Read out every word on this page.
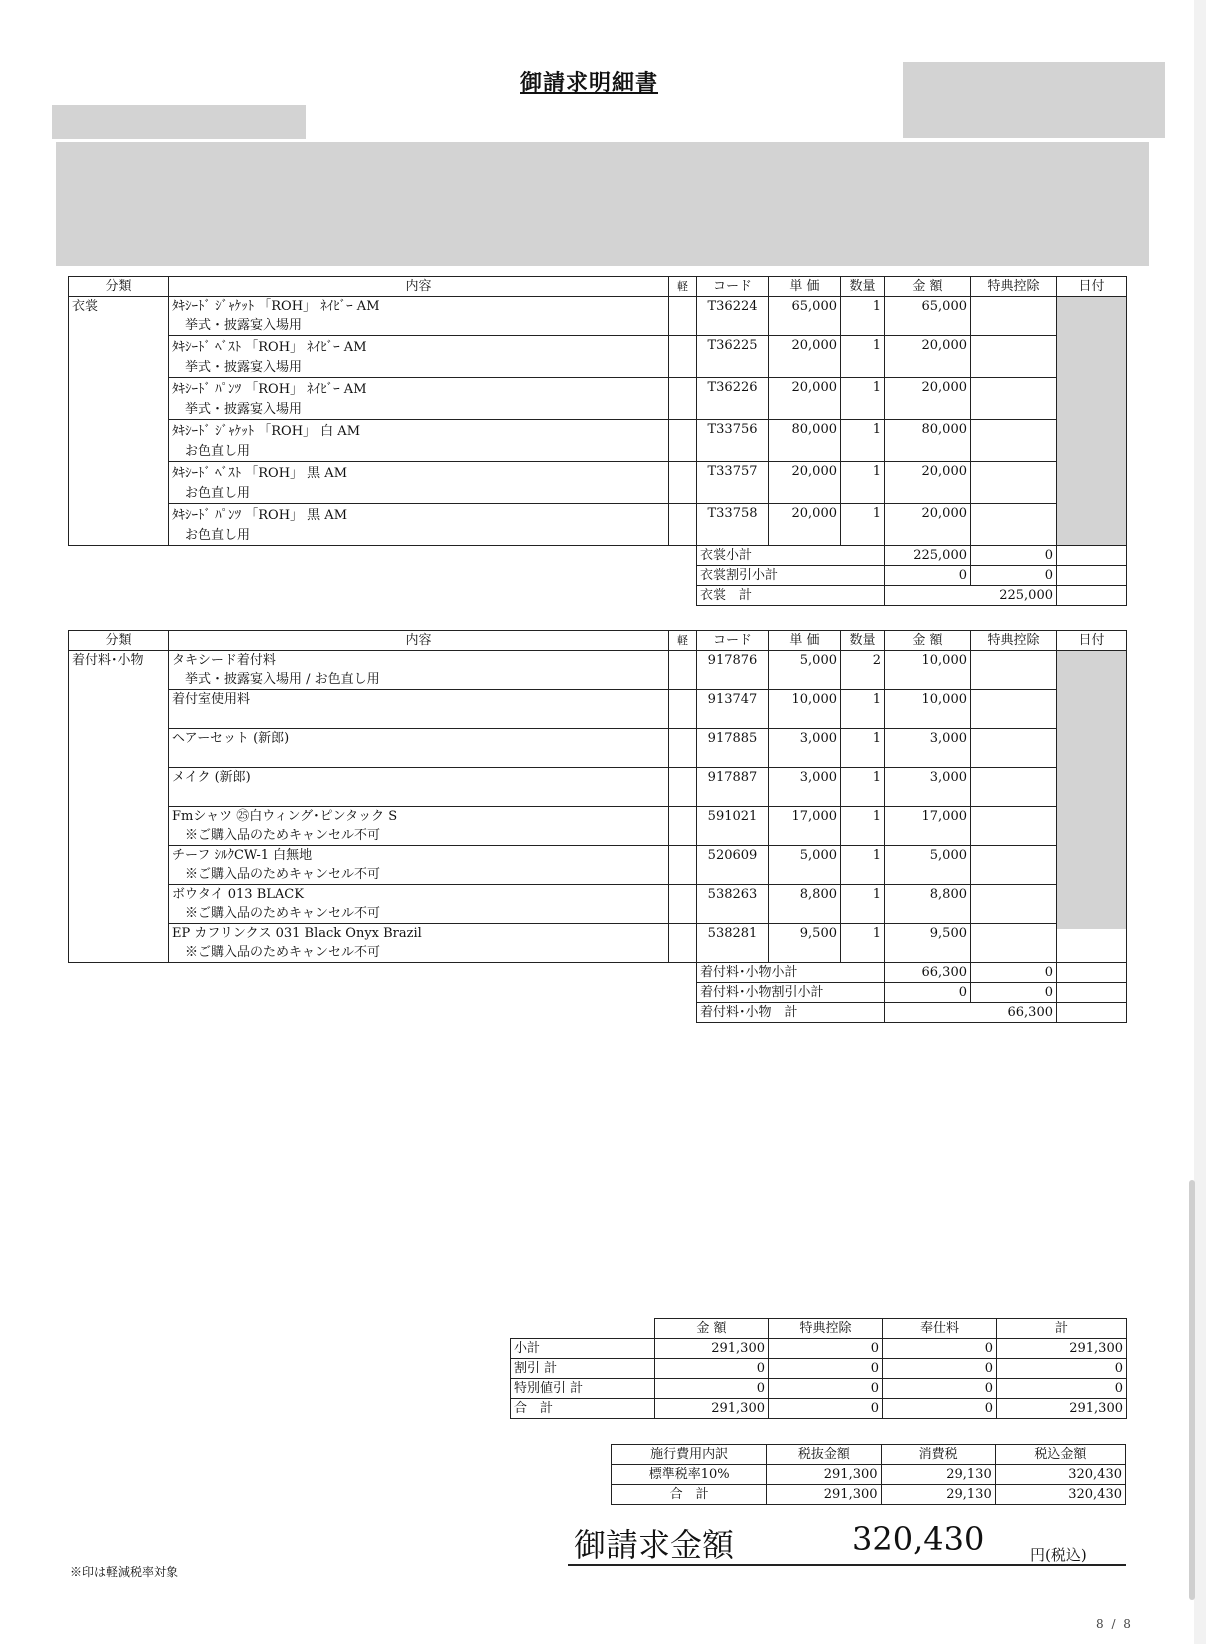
御請求明細書
分類	内容	軽	コード	単 価	数量	金 額	特典控除	日付
衣裳	ﾀｷｼｰﾄﾞ ｼﾞｬｹｯﾄ 「ROH」 ﾈｲﾋﾞｰ AM		T36224	65,000	1	65,000		

	挙式・披露宴入場用							
	ﾀｷｼｰﾄﾞ ﾍﾞｽﾄ 「ROH」 ﾈｲﾋﾞｰ AM		T36225	20,000	1	20,000		
	挙式・披露宴入場用							
	ﾀｷｼｰﾄﾞ ﾊﾟﾝﾂ 「ROH」 ﾈｲﾋﾞｰ AM		T36226	20,000	1	20,000		
	挙式・披露宴入場用							
	ﾀｷｼｰﾄﾞ ｼﾞｬｹｯﾄ 「ROH」 白 AM		T33756	80,000	1	80,000		
	お色直し用							
	ﾀｷｼｰﾄﾞ ﾍﾞｽﾄ 「ROH」 黒 AM		T33757	20,000	1	20,000		
	お色直し用							
	ﾀｷｼｰﾄﾞ ﾊﾟﾝﾂ 「ROH」 黒 AM		T33758	20,000	1	20,000		
	お色直し用							
			衣裳小計			225,000	0	
			衣裳割引小計			0	0	
			衣裳　計			225,000		
分類	内容	軽	コード	単 価	数量	金 額	特典控除	日付
着付料･小物	タキシード着付料		917876	5,000	2	10,000		

	挙式・披露宴入場用 / お色直し用							
	着付室使用料		913747	10,000	1	10,000		

	ヘアーセット (新郎)		917885	3,000	1	3,000		

	メイク (新郎)		917887	3,000	1	3,000		

	Fmシャツ ㉕白ウィング･ピンタック S		591021	17,000	1	17,000		
	※ご購入品のためキャンセル不可							
	チーフ ｼﾙｸCW-1 白無地		520609	5,000	1	5,000		
	※ご購入品のためキャンセル不可							
	ボウタイ 013 BLACK		538263	8,800	1	8,800		
	※ご購入品のためキャンセル不可							
	EP カフリンクス 031 Black Onyx Brazil		538281	9,500	1	9,500		
	※ご購入品のためキャンセル不可							
			着付料･小物小計			66,300	0	
			着付料･小物割引小計			0	0	
			着付料･小物　計			66,300		
	金 額	特典控除	奉仕料	計
小計	291,300	0	0	291,300
割引 計	0	0	0	0
特別値引 計	0	0	0	0
合　計	291,300	0	0	291,300
施行費用内訳	税抜金額	消費税	税込金額
標準税率10%	291,300	29,130	320,430
合　計	291,300	29,130	320,430
御請求金額	320,430	円(税込)
※印は軽減税率対象
8 / 8
